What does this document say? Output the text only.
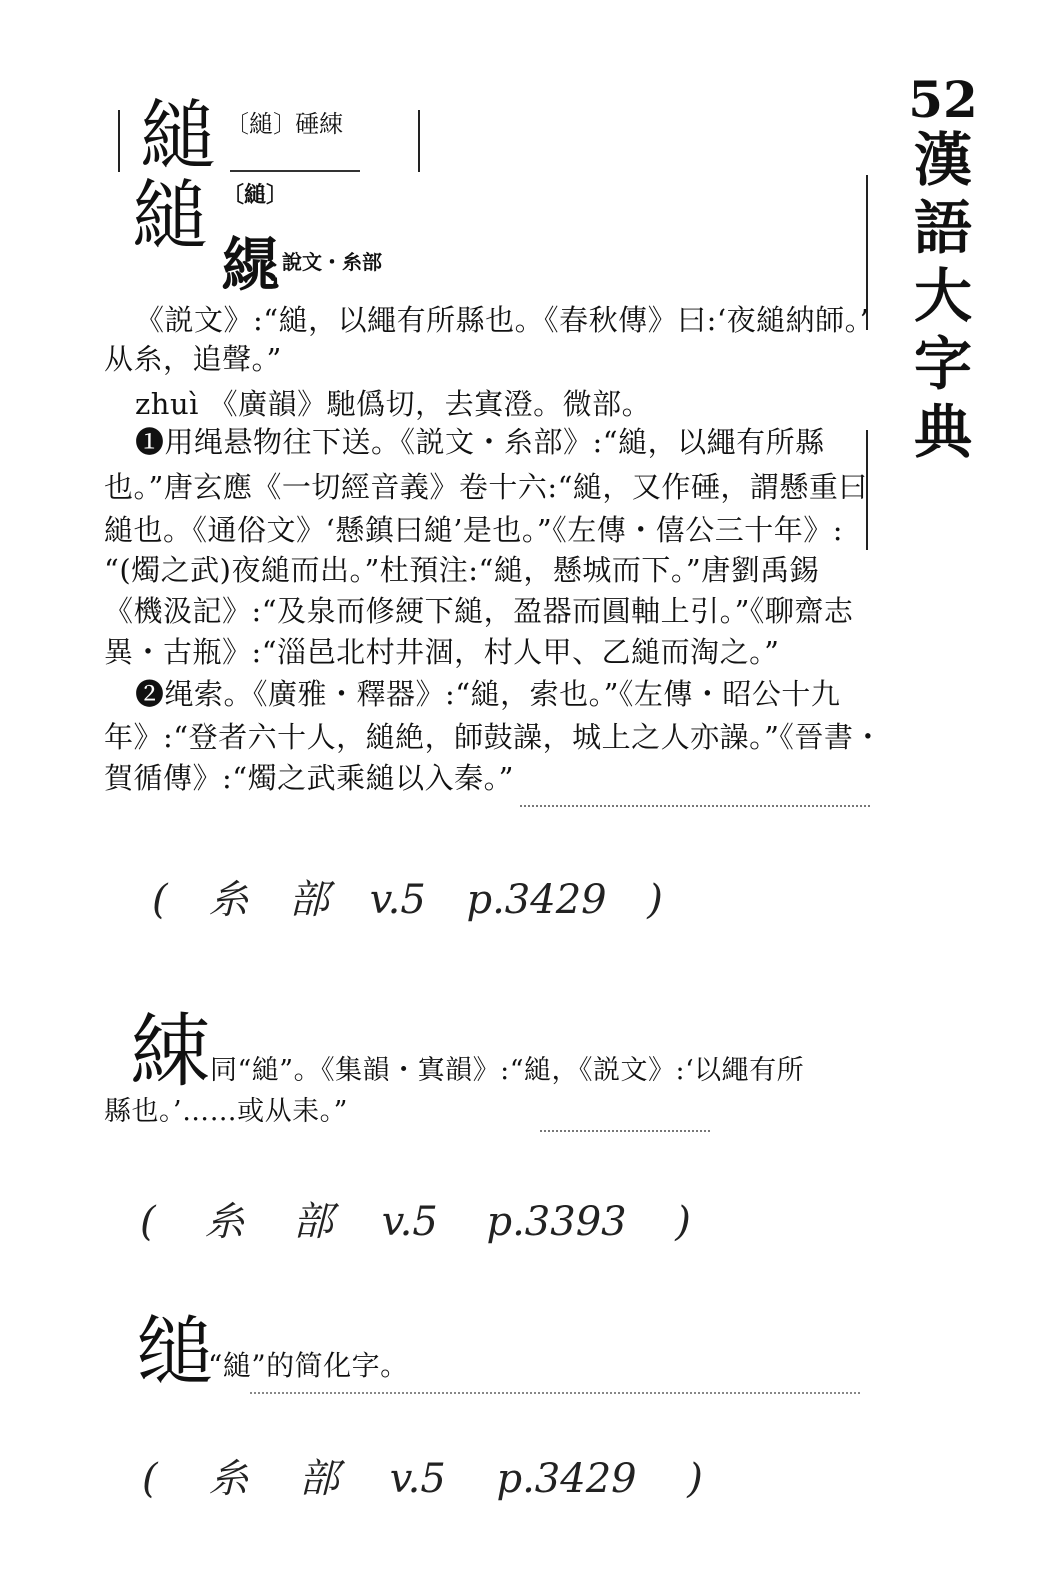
52
漢
語
大
字
典
縋 〔縋〕
硾綀
縋 〔縋〕
繉 說文・糸部
《説文》:“縋，以繩有所縣也。《春秋傳》曰:‘夜縋納師。’
从糸，追聲。”
zhuì 《廣韻》馳僞切，去寘澄。微部。
❶用绳悬物往下送。《説文・糸部》:“縋，以繩有所縣
也。”唐玄應《一切經音義》卷十六:“縋，又作硾，謂懸重曰
縋也。《通俗文》‘懸鎮曰縋’是也。”《左傳・僖公三十年》:
“(燭之武)夜縋而出。”杜預注:“縋，懸城而下。”唐劉禹錫
《機汲記》:“及泉而修綆下縋，盈器而圓軸上引。”《聊齋志
異・古瓶》:“淄邑北村井涸，村人甲、乙縋而淘之。”
❷绳索。《廣雅・釋器》:“縋，索也。”《左傳・昭公十九
年》:“登者六十人，縋絶，師鼓譟，城上之人亦譟。”《晉書・
賀循傳》:“燭之武乘縋以入秦。”
( 糸 部 v.5 p.3429 )
綀 同“縋”。《集韻・寘韻》:“縋，《説文》:‘以繩有所
縣也。’……或从耒。”
( 糸 部 v.5 p.3393 )
缒
“縋”的简化字。
( 糸 部 v.5 p.3429 )
